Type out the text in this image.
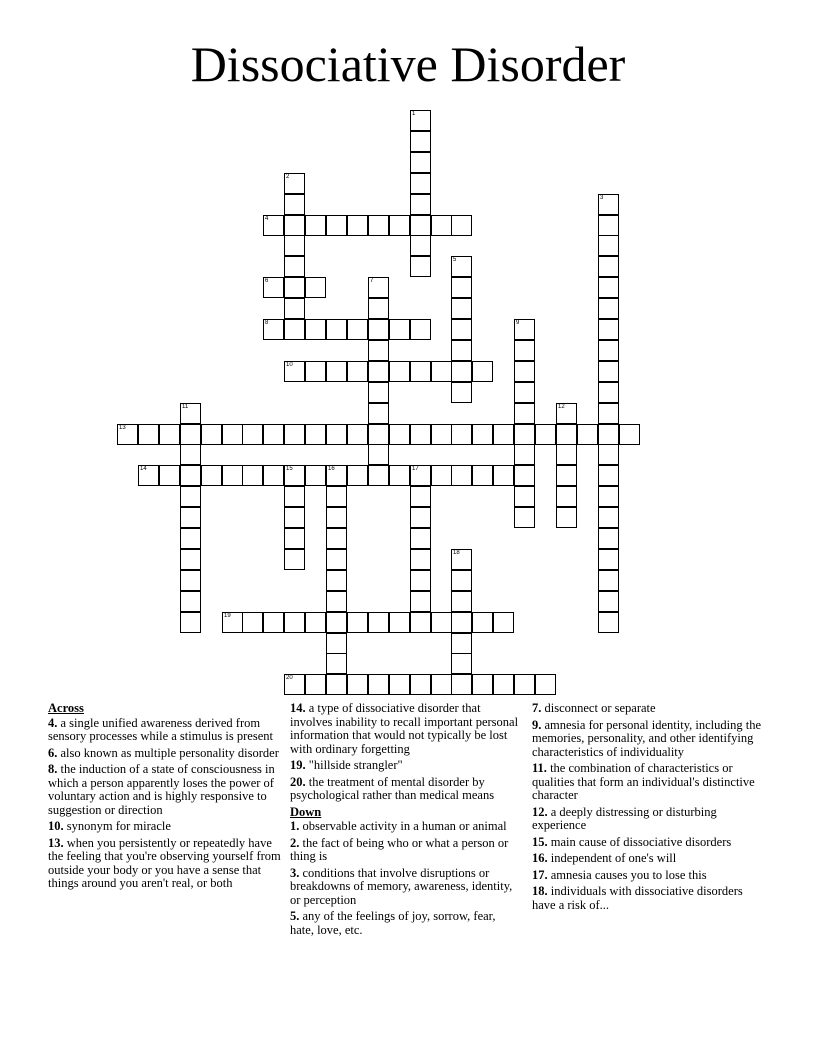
Dissociative Disorder
1
2
3
4
5
6	7
8	9
10
11	12
13
14	15	16	17
18
19
20
Across
4. a single unified awareness derived from sensory processes while a stimulus is present
6. also known as multiple personality disorder
8. the induction of a state of consciousness in which a person apparently loses the power of voluntary action and is highly responsive to suggestion or direction
10. synonym for miracle
13. when you persistently or repeatedly have the feeling that you're observing yourself from outside your body or you have a sense that things around you aren't real, or both
14. a type of dissociative disorder that involves inability to recall important personal information that would not typically be lost with ordinary forgetting
19. "hillside strangler"
20. the treatment of mental disorder by psychological rather than medical means
Down
1. observable activity in a human or animal
2. the fact of being who or what a person or thing is
3. conditions that involve disruptions or breakdowns of memory, awareness, identity, or perception
5. any of the feelings of joy, sorrow, fear, hate, love, etc.
7. disconnect or separate
9. amnesia for personal identity, including the memories, personality, and other identifying characteristics of individuality
11. the combination of characteristics or qualities that form an individual's distinctive character
12. a deeply distressing or disturbing experience
15. main cause of dissociative disorders
16. independent of one's will
17. amnesia causes you to lose this
18. individuals with dissociative disorders have a risk of...
